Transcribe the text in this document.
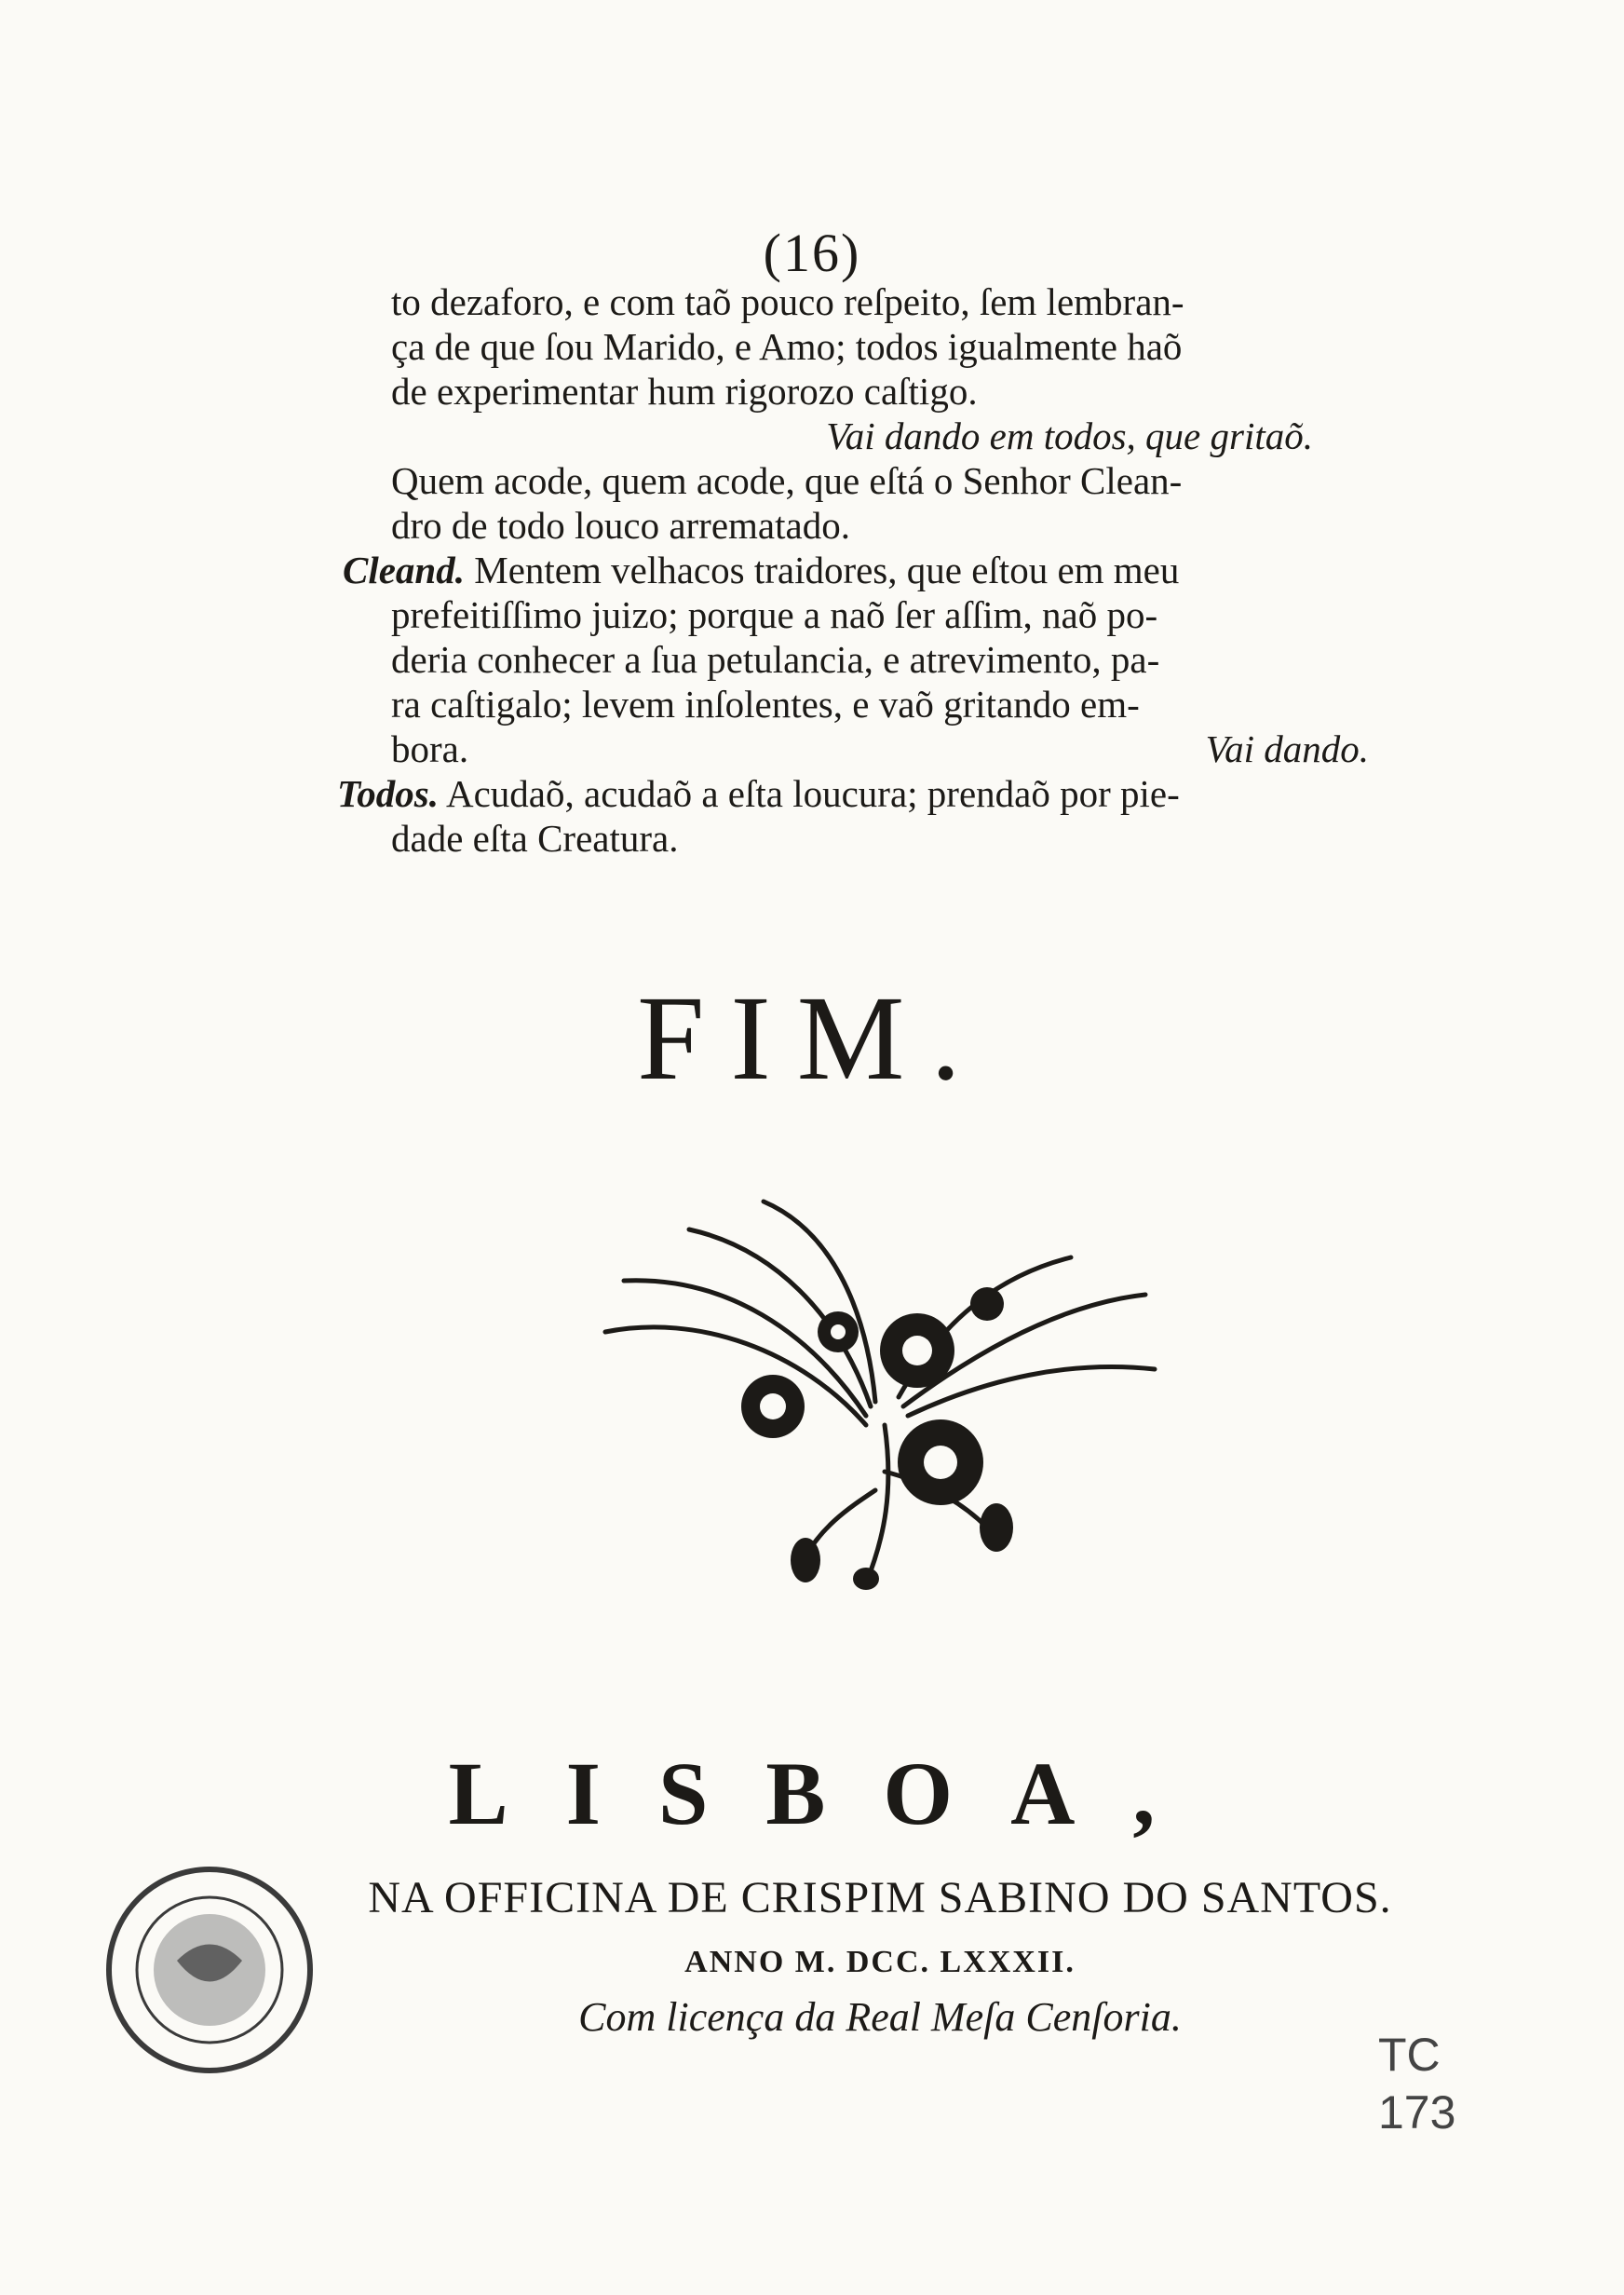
(16)
to dezaforo, e com taõ pouco reſpeito, ſem lembran-
ça de que ſou Marido, e Amo; todos igualmente haõ
de experimentar hum rigorozo caſtigo.
Vai dando em todos, que gritaõ.
Quem acode, quem acode, que eſtá o Senhor Clean-
dro de todo louco arrematado.
Cleand. Mentem velhacos traidores, que eſtou em meu
prefeitiſſimo juizo; porque a naõ ſer aſſim, naõ po-
deria conhecer a ſua petulancia, e atrevimento, pa-
ra caſtigalo; levem inſolentes, e vaõ gritando em-
bora.	Vai dando.
Todos. Acudaõ, acudaõ a eſta loucura; prendaõ por pie-
dade eſta Creatura.
FIM.
LISBOA,
NA OFFICINA DE CRISPIM SABINO DO SANTOS.
ANNO M. DCC. LXXXII.
Com licença da Real Meſa Cenſoria.
TC
173
